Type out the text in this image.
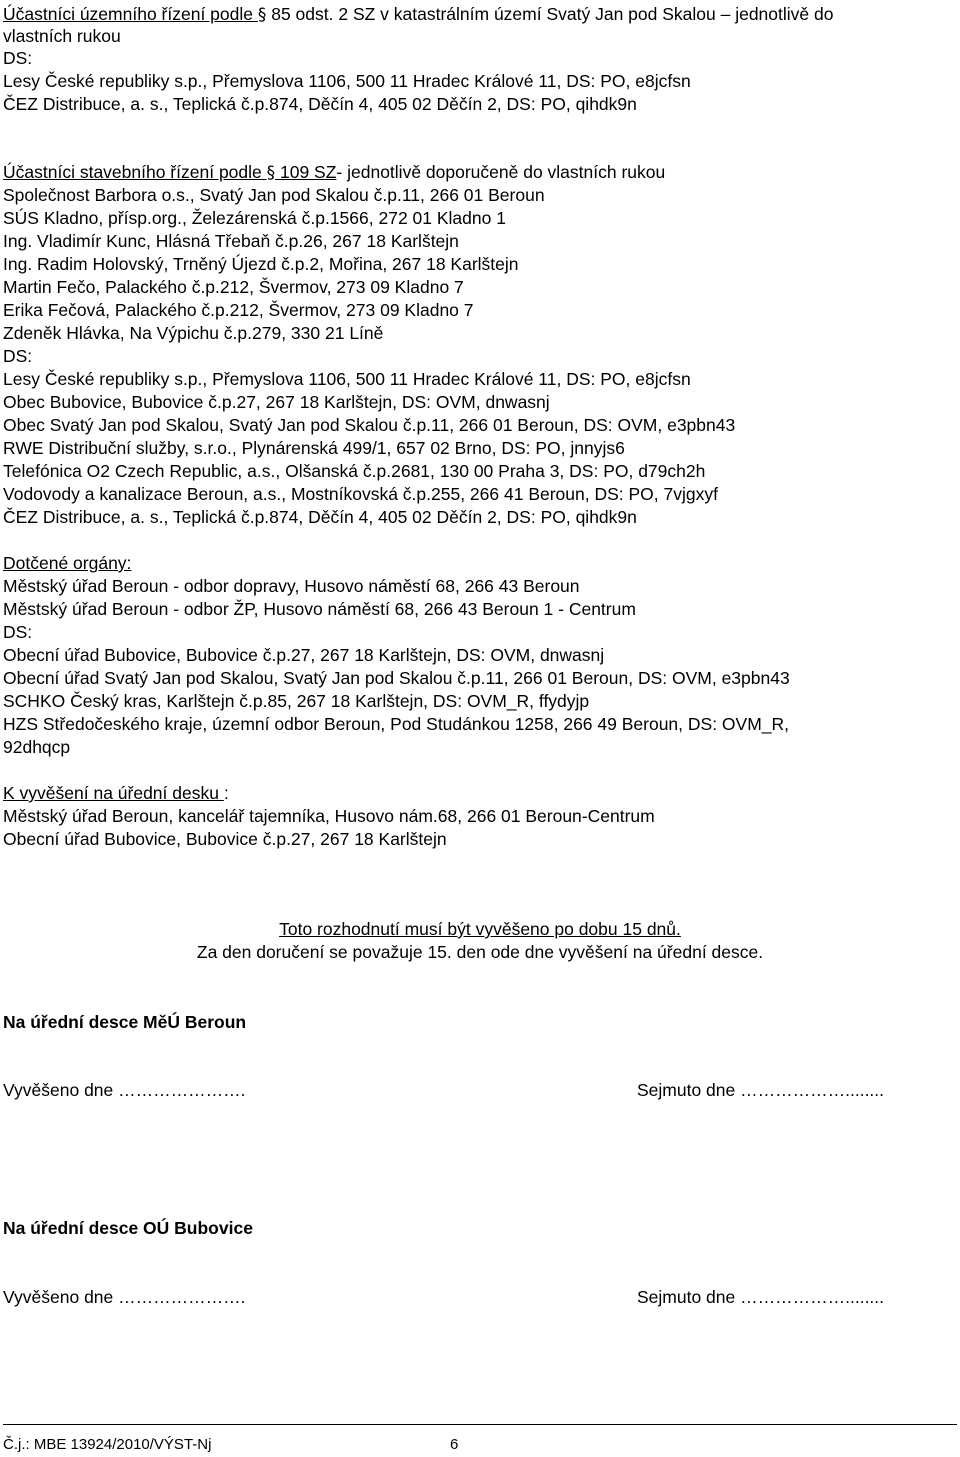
Účastníci územního řízení podle § 85 odst. 2 SZ v katastrálním území Svatý Jan pod Skalou – jednotlivě do
vlastních rukou
DS:
Lesy České republiky s.p., Přemyslova 1106, 500 11 Hradec Králové 11, DS: PO, e8jcfsn
ČEZ Distribuce, a. s., Teplická č.p.874, Děčín 4, 405 02 Děčín 2, DS: PO, qihdk9n
Účastníci stavebního řízení podle § 109 SZ- jednotlivě doporučeně do vlastních rukou
Společnost Barbora o.s., Svatý Jan pod Skalou č.p.11, 266 01 Beroun
SÚS Kladno, přísp.org., Železárenská č.p.1566, 272 01 Kladno 1
Ing. Vladimír Kunc, Hlásná Třebaň č.p.26, 267 18 Karlštejn
Ing. Radim Holovský, Trněný Újezd č.p.2, Mořina, 267 18 Karlštejn
Martin Fečo, Palackého č.p.212, Švermov, 273 09 Kladno 7
Erika Fečová, Palackého č.p.212, Švermov, 273 09 Kladno 7
Zdeněk Hlávka, Na Výpichu č.p.279, 330 21 Líně
DS:
Lesy České republiky s.p., Přemyslova 1106, 500 11 Hradec Králové 11, DS: PO, e8jcfsn
Obec Bubovice, Bubovice č.p.27, 267 18 Karlštejn, DS: OVM, dnwasnj
Obec Svatý Jan pod Skalou, Svatý Jan pod Skalou č.p.11, 266 01 Beroun, DS: OVM, e3pbn43
RWE Distribuční služby, s.r.o., Plynárenská 499/1, 657 02 Brno, DS: PO, jnnyjs6
Telefónica O2 Czech Republic, a.s., Olšanská č.p.2681, 130 00 Praha 3, DS: PO, d79ch2h
Vodovody a kanalizace Beroun, a.s., Mostníkovská č.p.255, 266 41 Beroun, DS: PO, 7vjgxyf
ČEZ Distribuce, a. s., Teplická č.p.874, Děčín 4, 405 02 Děčín 2, DS: PO, qihdk9n
Dotčené orgány:
Městský úřad Beroun - odbor dopravy, Husovo náměstí 68, 266 43 Beroun
Městský úřad Beroun - odbor ŽP, Husovo náměstí 68, 266 43 Beroun 1 - Centrum
DS:
Obecní úřad Bubovice, Bubovice č.p.27, 267 18 Karlštejn, DS: OVM, dnwasnj
Obecní úřad Svatý Jan pod Skalou, Svatý Jan pod Skalou č.p.11, 266 01 Beroun, DS: OVM, e3pbn43
SCHKO Český kras, Karlštejn č.p.85, 267 18 Karlštejn, DS: OVM_R, ffydyjp
HZS Středočeského kraje, územní odbor Beroun, Pod Studánkou 1258, 266 49 Beroun, DS: OVM_R,
92dhqcp
K vyvěšení na úřední desku :
Městský úřad Beroun, kancelář tajemníka, Husovo nám.68, 266 01 Beroun-Centrum
Obecní úřad Bubovice, Bubovice č.p.27, 267 18 Karlštejn
Toto rozhodnutí musí být vyvěšeno po dobu 15 dnů.
Za den doručení se považuje 15. den ode dne vyvěšení na úřední desce.
Na úřední desce MěÚ Beroun
Vyvěšeno dne ………………….	Sejmuto dne ………………........
Na úřední desce OÚ Bubovice
Vyvěšeno dne ………………….	Sejmuto dne ………………........
Č.j.: MBE 13924/2010/VÝST-Nj	6
